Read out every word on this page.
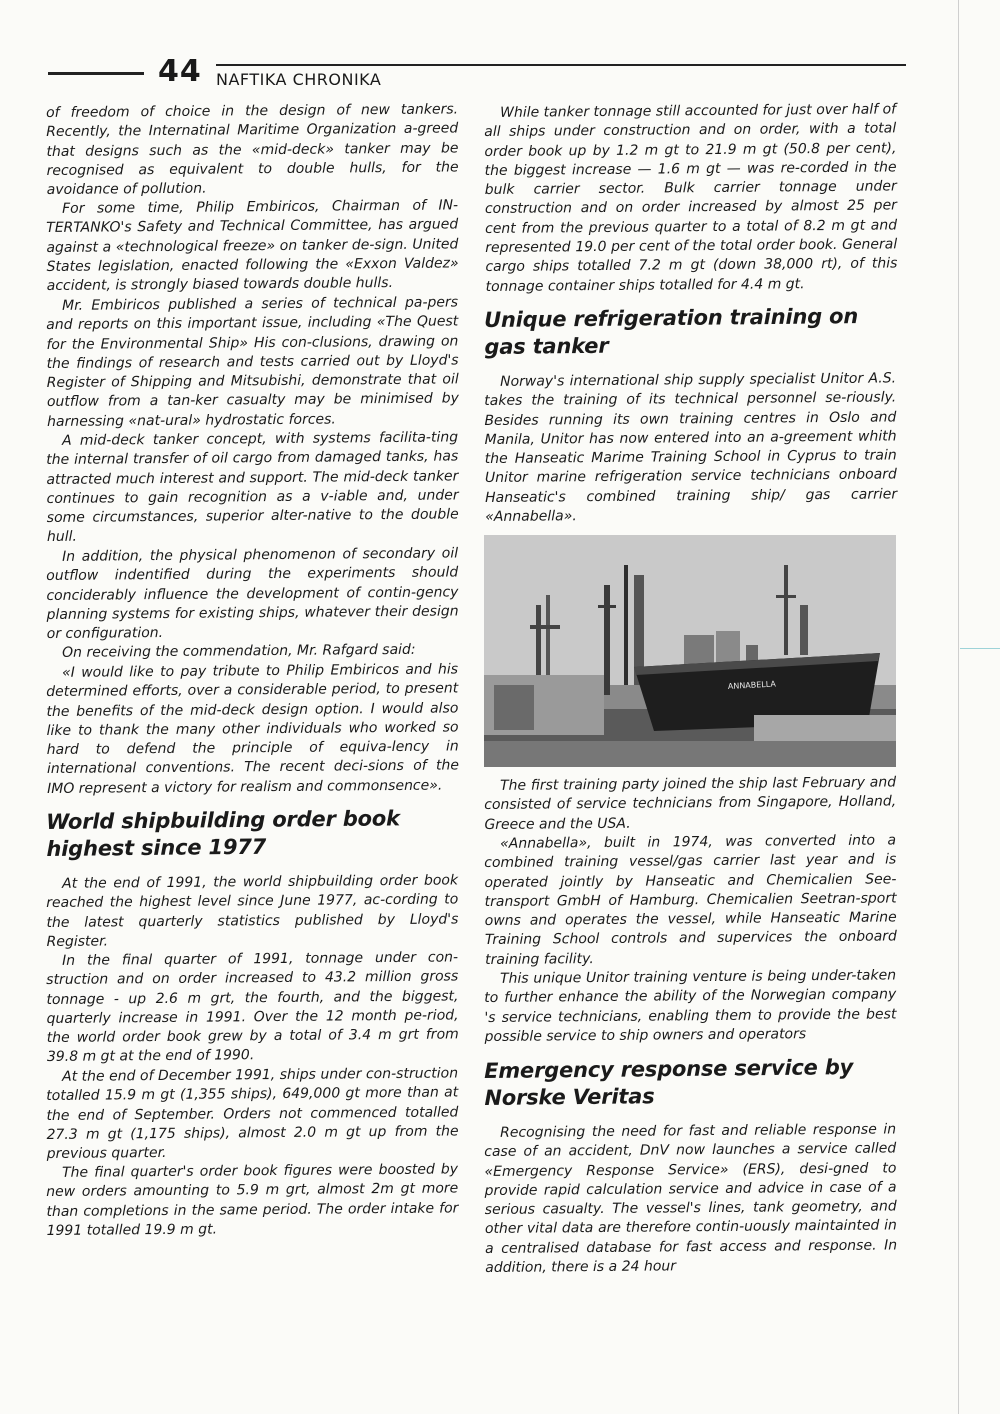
44 NAFTIKA CHRONIKA

of freedom of choice in the design of new tankers. Recently, the Internatinal Maritime Organization a-greed that designs such as the «mid-deck» tanker may be recognised as equivalent to double hulls, for the avoidance of pollution.

For some time, Philip Embiricos, Chairman of IN-TERTANKO's Safety and Technical Committee, has argued against a «technological freeze» on tanker de-sign. United States legislation, enacted following the «Exxon Valdez» accident, is strongly biased towards double hulls.

Mr. Embiricos published a series of technical pa-pers and reports on this important issue, including «The Quest for the Environmental Ship» His con-clusions, drawing on the findings of research and tests carried out by Lloyd's Register of Shipping and Mitsubishi, demonstrate that oil outflow from a tan-ker casualty may be minimised by harnessing «nat-ural» hydrostatic forces.

A mid-deck tanker concept, with systems facilita-ting the internal transfer of oil cargo from damaged tanks, has attracted much interest and support. The mid-deck tanker continues to gain recognition as a v-iable and, under some circumstances, superior alter-native to the double hull.

In addition, the physical phenomenon of secondary oil outflow indentified during the experiments should conciderably influence the development of contin-gency planning systems for existing ships, whatever their design or configuration.

On receiving the commendation, Mr. Rafgard said:

«I would like to pay tribute to Philip Embiricos and his determined efforts, over a considerable period, to present the benefits of the mid-deck design option. I would also like to thank the many other individuals who worked so hard to defend the principle of equiva-lency in international conventions. The recent deci-sions of the IMO represent a victory for realism and commonsence».

World shipbuilding order book highest since 1977

At the end of 1991, the world shipbuilding order book reached the highest level since June 1977, ac-cording to the latest quarterly statistics published by Lloyd's Register.

In the final quarter of 1991, tonnage under con-struction and on order increased to 43.2 million gross tonnage - up 2.6 m grt, the fourth, and the biggest, quarterly increase in 1991. Over the 12 month pe-riod, the world order book grew by a total of 3.4 m grt from 39.8 m gt at the end of 1990.

At the end of December 1991, ships under con-struction totalled 15.9 m gt (1,355 ships), 649,000 gt more than at the end of September. Orders not commenced totalled 27.3 m gt (1,175 ships), almost 2.0 m gt up from the previous quarter.

The final quarter's order book figures were boosted by new orders amounting to 5.9 m grt, almost 2m gt more than completions in the same period. The order intake for 1991 totalled 19.9 m gt.

While tanker tonnage still accounted for just over half of all ships under construction and on order, with a total order book up by 1.2 m gt to 21.9 m gt (50.8 per cent), the biggest increase — 1.6 m gt — was re-corded in the bulk carrier sector. Bulk carrier tonnage under construction and on order increased by almost 25 per cent from the previous quarter to a total of 8.2 m gt and represented 19.0 per cent of the total order book. General cargo ships totalled 7.2 m gt (down 38,000 rt), of this tonnage container ships totalled for 4.4 m gt.

Unique refrigeration training on gas tanker

Norway's international ship supply specialist Unitor A.S. takes the training of its technical personnel se-riously. Besides running its own training centres in Oslo and Manila, Unitor has now entered into an a-greement whith the Hanseatic Marime Training School in Cyprus to train Unitor marine refrigeration service technicians onboard Hanseatic's combined training ship/ gas carrier «Annabella».

ANNABELLA

The first training party joined the ship last February and consisted of service technicians from Singapore, Holland, Greece and the USA.

«Annabella», built in 1974, was converted into a combined training vessel/gas carrier last year and is operated jointly by Hanseatic and Chemicalien See-transport GmbH of Hamburg. Chemicalien Seetran-sport owns and operates the vessel, while Hanseatic Marine Training School controls and supervices the onboard training facility.

This unique Unitor training venture is being under-taken to further enhance the ability of the Norwegian company 's service technicians, enabling them to provide the best possible service to ship owners and operators

Emergency response service by Norske Veritas

Recognising the need for fast and reliable response in case of an accident, DnV now launches a service called «Emergency Response Service» (ERS), desi-gned to provide rapid calculation service and advice in case of a serious casualty. The vessel's lines, tank geometry, and other vital data are therefore contin-uously maintainted in a centralised database for fast access and response. In addition, there is a 24 hour
